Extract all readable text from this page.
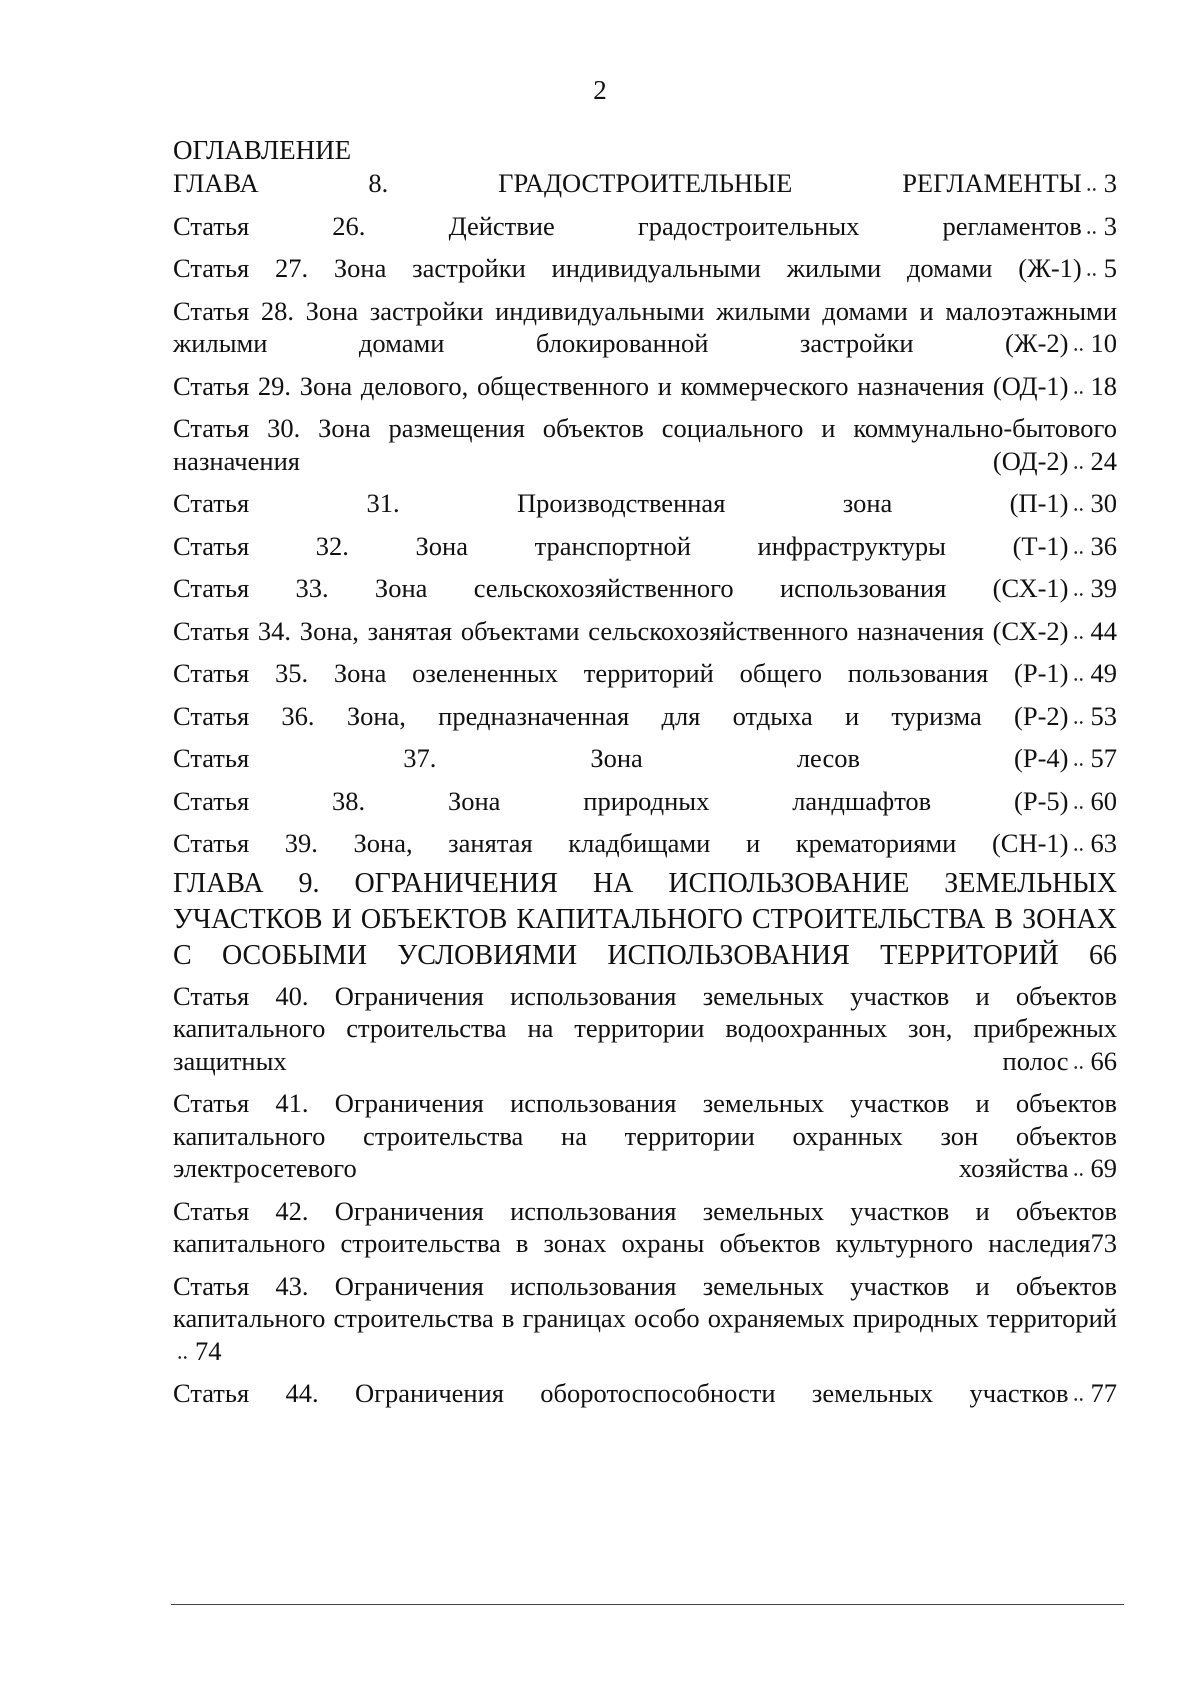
2
ОГЛАВЛЕНИЕ
ГЛАВА 8. ГРАДОСТРОИТЕЛЬНЫЕ РЕГЛАМЕНТЫ 3
Статья 26. Действие градостроительных регламентов 3
Статья 27. Зона застройки индивидуальными жилыми домами (Ж-1) 5
Статья 28. Зона застройки индивидуальными жилыми домами и малоэтажными жилыми домами блокированной застройки (Ж-2) 10
Статья 29. Зона делового, общественного и коммерческого назначения (ОД-1) 18
Статья 30. Зона размещения объектов социального и коммунально-бытового назначения (ОД-2) 24
Статья 31. Производственная зона (П-1) 30
Статья 32. Зона транспортной инфраструктуры (Т-1) 36
Статья 33. Зона сельскохозяйственного использования (СХ-1) 39
Статья 34. Зона, занятая объектами сельскохозяйственного назначения (СХ-2) 44
Статья 35. Зона озелененных территорий общего пользования (Р-1) 49
Статья 36. Зона, предназначенная для отдыха и туризма (Р-2) 53
Статья 37. Зона лесов (Р-4) 57
Статья 38. Зона природных ландшафтов (Р-5) 60
Статья 39. Зона, занятая кладбищами и крематориями (СН-1) 63
ГЛАВА 9. ОГРАНИЧЕНИЯ НА ИСПОЛЬЗОВАНИЕ ЗЕМЕЛЬНЫХ УЧАСТКОВ И ОБЪЕКТОВ КАПИТАЛЬНОГО СТРОИТЕЛЬСТВА В ЗОНАХ С ОСОБЫМИ УСЛОВИЯМИ ИСПОЛЬЗОВАНИЯ ТЕРРИТОРИЙ 66
Статья 40. Ограничения использования земельных участков и объектов капитального строительства на территории водоохранных зон, прибрежных защитных полос 66
Статья 41. Ограничения использования земельных участков и объектов капитального строительства на территории охранных зон объектов электросетевого хозяйства 69
Статья 42. Ограничения использования земельных участков и объектов капитального строительства в зонах охраны объектов культурного наследия73
Статья 43. Ограничения использования земельных участков и объектов капитального строительства в границах особо охраняемых природных территорий74
Статья 44. Ограничения оборотоспособности земельных участков 77
